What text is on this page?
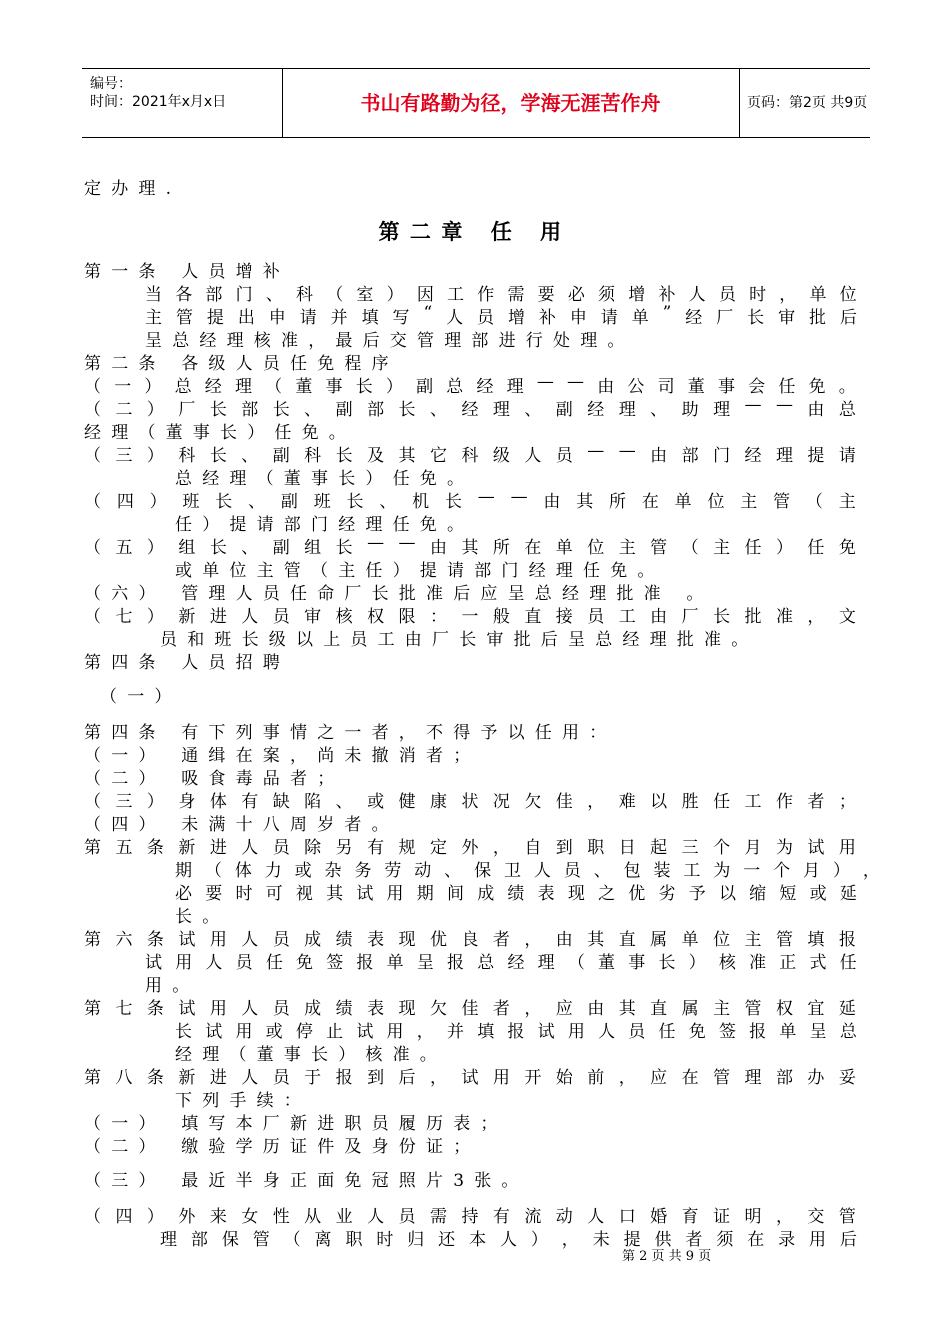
编号：
时间：2021年x月x日	书山有路勤为径，学海无涯苦作舟	页码：第2页 共9页
定办理.
第二章 任 用
第一条 人员增补
当 各 部 门 、 科 （ 室 ） 因 工 作 需 要 必 须 增 补 人 员 时 ， 单 位
主 管 提 出 申 请 并 填 写 “ 人 员 增 补 申 请 单 ” 经 厂 长 审 批 后
呈总经理核准，最后交管理部进行处理。
第二条 各级人员任免程序
（ 一 ） 总 经 理 （ 董 事 长 ） 副 总 经 理 — — 由 公 司 董 事 会 任 免 。
（ 二 ） 厂 长 部 长 、 副 部 长 、 经 理 、 副 经 理 、 助 理 — — 由 总
经理（董事长）任免。
（ 三 ） 科 长 、 副 科 长 及 其 它 科 级 人 员 — — 由 部 门 经 理 提 请
总经理（董事长）任免。
（ 四 ） 班 长 、 副 班 长 、 机 长 — — 由 其 所 在 单 位 主 管 （ 主
任）提请部门经理任免。
（ 五 ） 组 长 、 副 组 长 — — 由 其 所 在 单 位 主 管 （ 主 任 ） 任 免
或单位主管（主任）提请部门经理任免。
（六） 管理人员任命厂长批准后应呈总经理批准 。
（ 七 ） 新 进 人 员 审 核 权 限 ： 一 般 直 接 员 工 由 厂 长 批 准 ， 文
员和班长级以上员工由厂长审批后呈总经理批准。
第四条 人员招聘
（一）
第四条 有下列事情之一者，不得予以任用：
（一） 通缉在案，尚未撤消者；
（二） 吸食毒品者；
（ 三 ） 身 体 有 缺 陷 、 或 健 康 状 况 欠 佳 ， 难 以 胜 任 工 作 者 ；
（四） 未满十八周岁者。
第 五 条 新 进 人 员 除 另 有 规 定 外 ， 自 到 职 日 起 三 个 月 为 试 用
期 （ 体 力 或 杂 务 劳 动 、 保 卫 人 员 、 包 装 工 为 一 个 月 ） ，
必 要 时 可 视 其 试 用 期 间 成 绩 表 现 之 优 劣 予 以 缩 短 或 延
长。
第 六 条 试 用 人 员 成 绩 表 现 优 良 者 ， 由 其 直 属 单 位 主 管 填 报
试 用 人 员 任 免 签 报 单 呈 报 总 经 理 （ 董 事 长 ） 核 准 正 式 任
用。
第 七 条 试 用 人 员 成 绩 表 现 欠 佳 者 ， 应 由 其 直 属 主 管 权 宜 延
长 试 用 或 停 止 试 用 ， 并 填 报 试 用 人 员 任 免 签 报 单 呈 总
经理（董事长）核准。
第 八 条 新 进 人 员 于 报 到 后 ， 试 用 开 始 前 ， 应 在 管 理 部 办 妥
下列手续：
（一） 填写本厂新进职员履历表；
（二） 缴验学历证件及身份证；
（三） 最近半身正面免冠照片3张。
（ 四 ） 外 来 女 性 从 业 人 员 需 持 有 流 动 人 口 婚 育 证 明 ， 交 管
理 部 保 管 （ 离 职 时 归 还 本 人 ） ， 未 提 供 者 须 在 录 用 后
第 2 页 共 9 页
